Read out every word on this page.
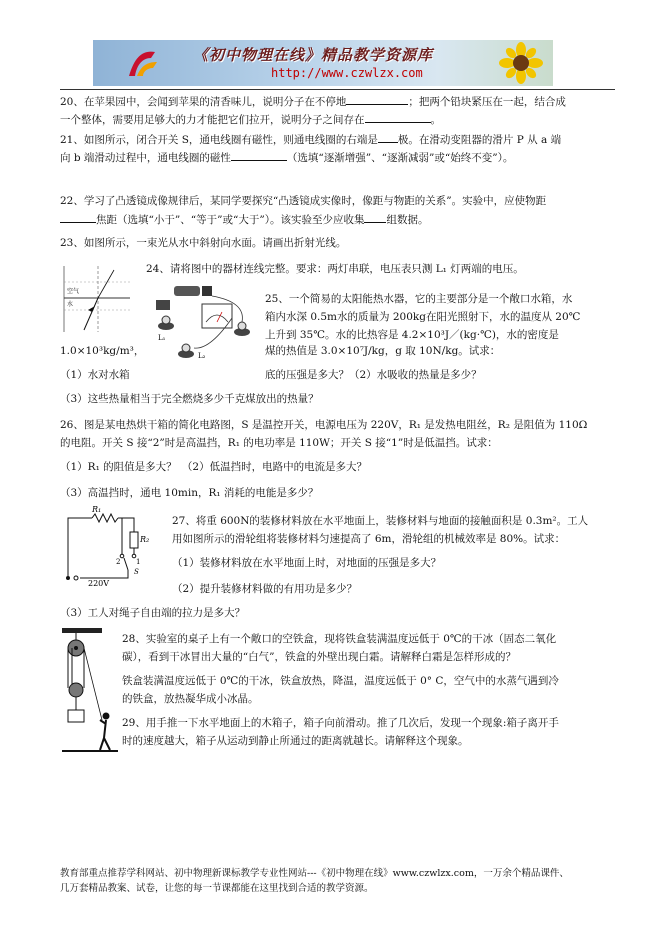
《初中物理在线》精品教学资源库
http://www.czwlzx.com

20、在苹果园中，会闻到苹果的清香味儿，说明分子在不停地	；把两个铅块紧压在一起，结合成

一个整体，需要用足够大的力才能把它们拉开，说明分子之间存在	。

21、如图所示，闭合开关 S，通电线圈有磁性，则通电线圈的右端是 极。在滑动变阻器的滑片 P 从 a 端

向 b 端滑动过程中，通电线圈的磁性	（选填“逐渐增强”、“逐渐减弱”或“始终不变”）。

22、学习了凸透镜成像规律后，某同学要探究“凸透镜成实像时，像距与物距的关系”。实验中，应使物距

焦距（选填“小于”、“等于”或“大于”）。该实验至少应收集 组数据。

23、如图所示，一束光从水中斜射向水面。请画出折射光线。

24、请将图中的器材连线完整。要求：两灯串联，电压表只测 L₁ 灯两端的电压。

空气
水
L₁
L₂

25、一个简易的太阳能热水器，它的主要部分是一个敞口水箱，水

箱内水深 0.5m水的质量为 200kg在阳光照射下，水的温度从 20℃

上升到 35℃。水的比热容是 4.2×10³J／(kg·℃)，水的密度是

1.0×10³kg/m³，	煤的热值是 3.0×10⁷J/kg，g 取 10N/kg。试求：

（1）水对水箱	底的压强是多大？（2）水吸收的热量是多少？

（3）这些热量相当于完全燃烧多少千克煤放出的热量？

26、图是某电热烘干箱的简化电路图，S 是温控开关，电源电压为 220V，R₁ 是发热电阻丝，R₂ 是阻值为 110Ω

的电阻。开关 S 接“2”时是高温挡，R₁ 的电功率是 110W；开关 S 接“1”时是低温挡。试求：

（1）R₁ 的阻值是多大？　（2）低温挡时，电路中的电流是多大？

（3）高温挡时，通电 10min，R₁ 消耗的电能是多少？

R₁
R₂
1
2
S
220V

27、将重 600N的装修材料放在水平地面上，装修材料与地面的接触面积是 0.3m²。工人

用如图所示的滑轮组将装修材料匀速提高了 6m，滑轮组的机械效率是 80%。试求：

（1）装修材料放在水平地面上时，对地面的压强是多大？

（2）提升装修材料做的有用功是多少？

（3）工人对绳子自由端的拉力是多大？

28、实验室的桌子上有一个敞口的空铁盒，现将铁盒装满温度远低于 0℃的干冰（固态二氧化

碳），看到干冰冒出大量的“白气”，铁盒的外壁出现白霜。请解释白霜是怎样形成的？

铁盒装满温度远低于 0℃的干冰，铁盒放热，降温，温度远低于 0° C，空气中的水蒸气遇到冷

的铁盒，放热凝华成小冰晶。

29、用手推一下水平地面上的木箱子，箱子向前滑动。推了几次后，发现一个现象:箱子离开手

时的速度越大，箱子从运动到静止所通过的距离就越长。请解释这个现象。

教育部重点推荐学科网站、初中物理新课标教学专业性网站---《初中物理在线》www.czwlzx.com，一万余个精品课件、
几万套精品教案、试卷，让您的每一节课都能在这里找到合适的教学资源。
